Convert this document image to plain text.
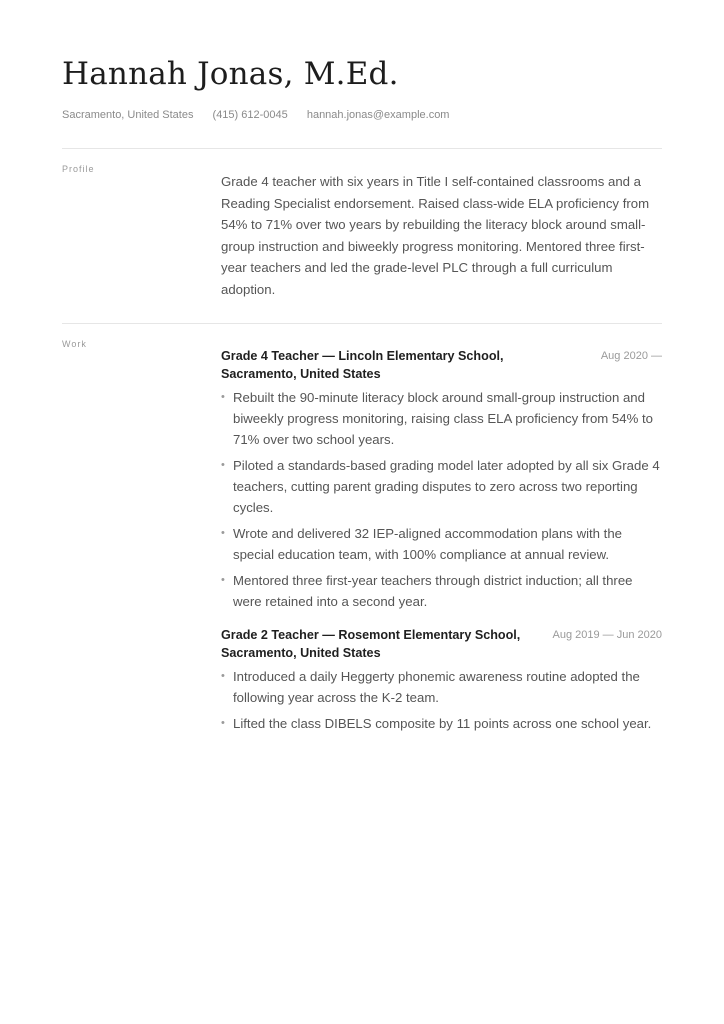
Hannah Jonas, M.Ed.
Sacramento, United States (415) 612-0045 hannah.jonas@example.com
Profile

Grade 4 teacher with six years in Title I self-contained classrooms and a Reading Specialist endorsement. Raised class-wide ELA proficiency from 54% to 71% over two years by rebuilding the literacy block around small-group instruction and biweekly progress monitoring. Mentored three first-year teachers and led the grade-level PLC through a full curriculum adoption.

Work
Grade 4 Teacher — Lincoln Elementary School, Sacramento, United States
Aug 2020 —
• Rebuilt the 90-minute literacy block around small-group instruction and biweekly progress monitoring, raising class ELA proficiency from 54% to 71% over two school years.
• Piloted a standards-based grading model later adopted by all six Grade 4 teachers, cutting parent grading disputes to zero across two reporting cycles.
• Wrote and delivered 32 IEP-aligned accommodation plans with the special education team, with 100% compliance at annual review.
• Mentored three first-year teachers through district induction; all three were retained into a second year.
Grade 2 Teacher — Rosemont Elementary School, Sacramento, United States
Aug 2019 — Jun 2020
• Introduced a daily Heggerty phonemic awareness routine adopted the following year across the K-2 team.
• Lifted the class DIBELS composite by 11 points across one school year.
